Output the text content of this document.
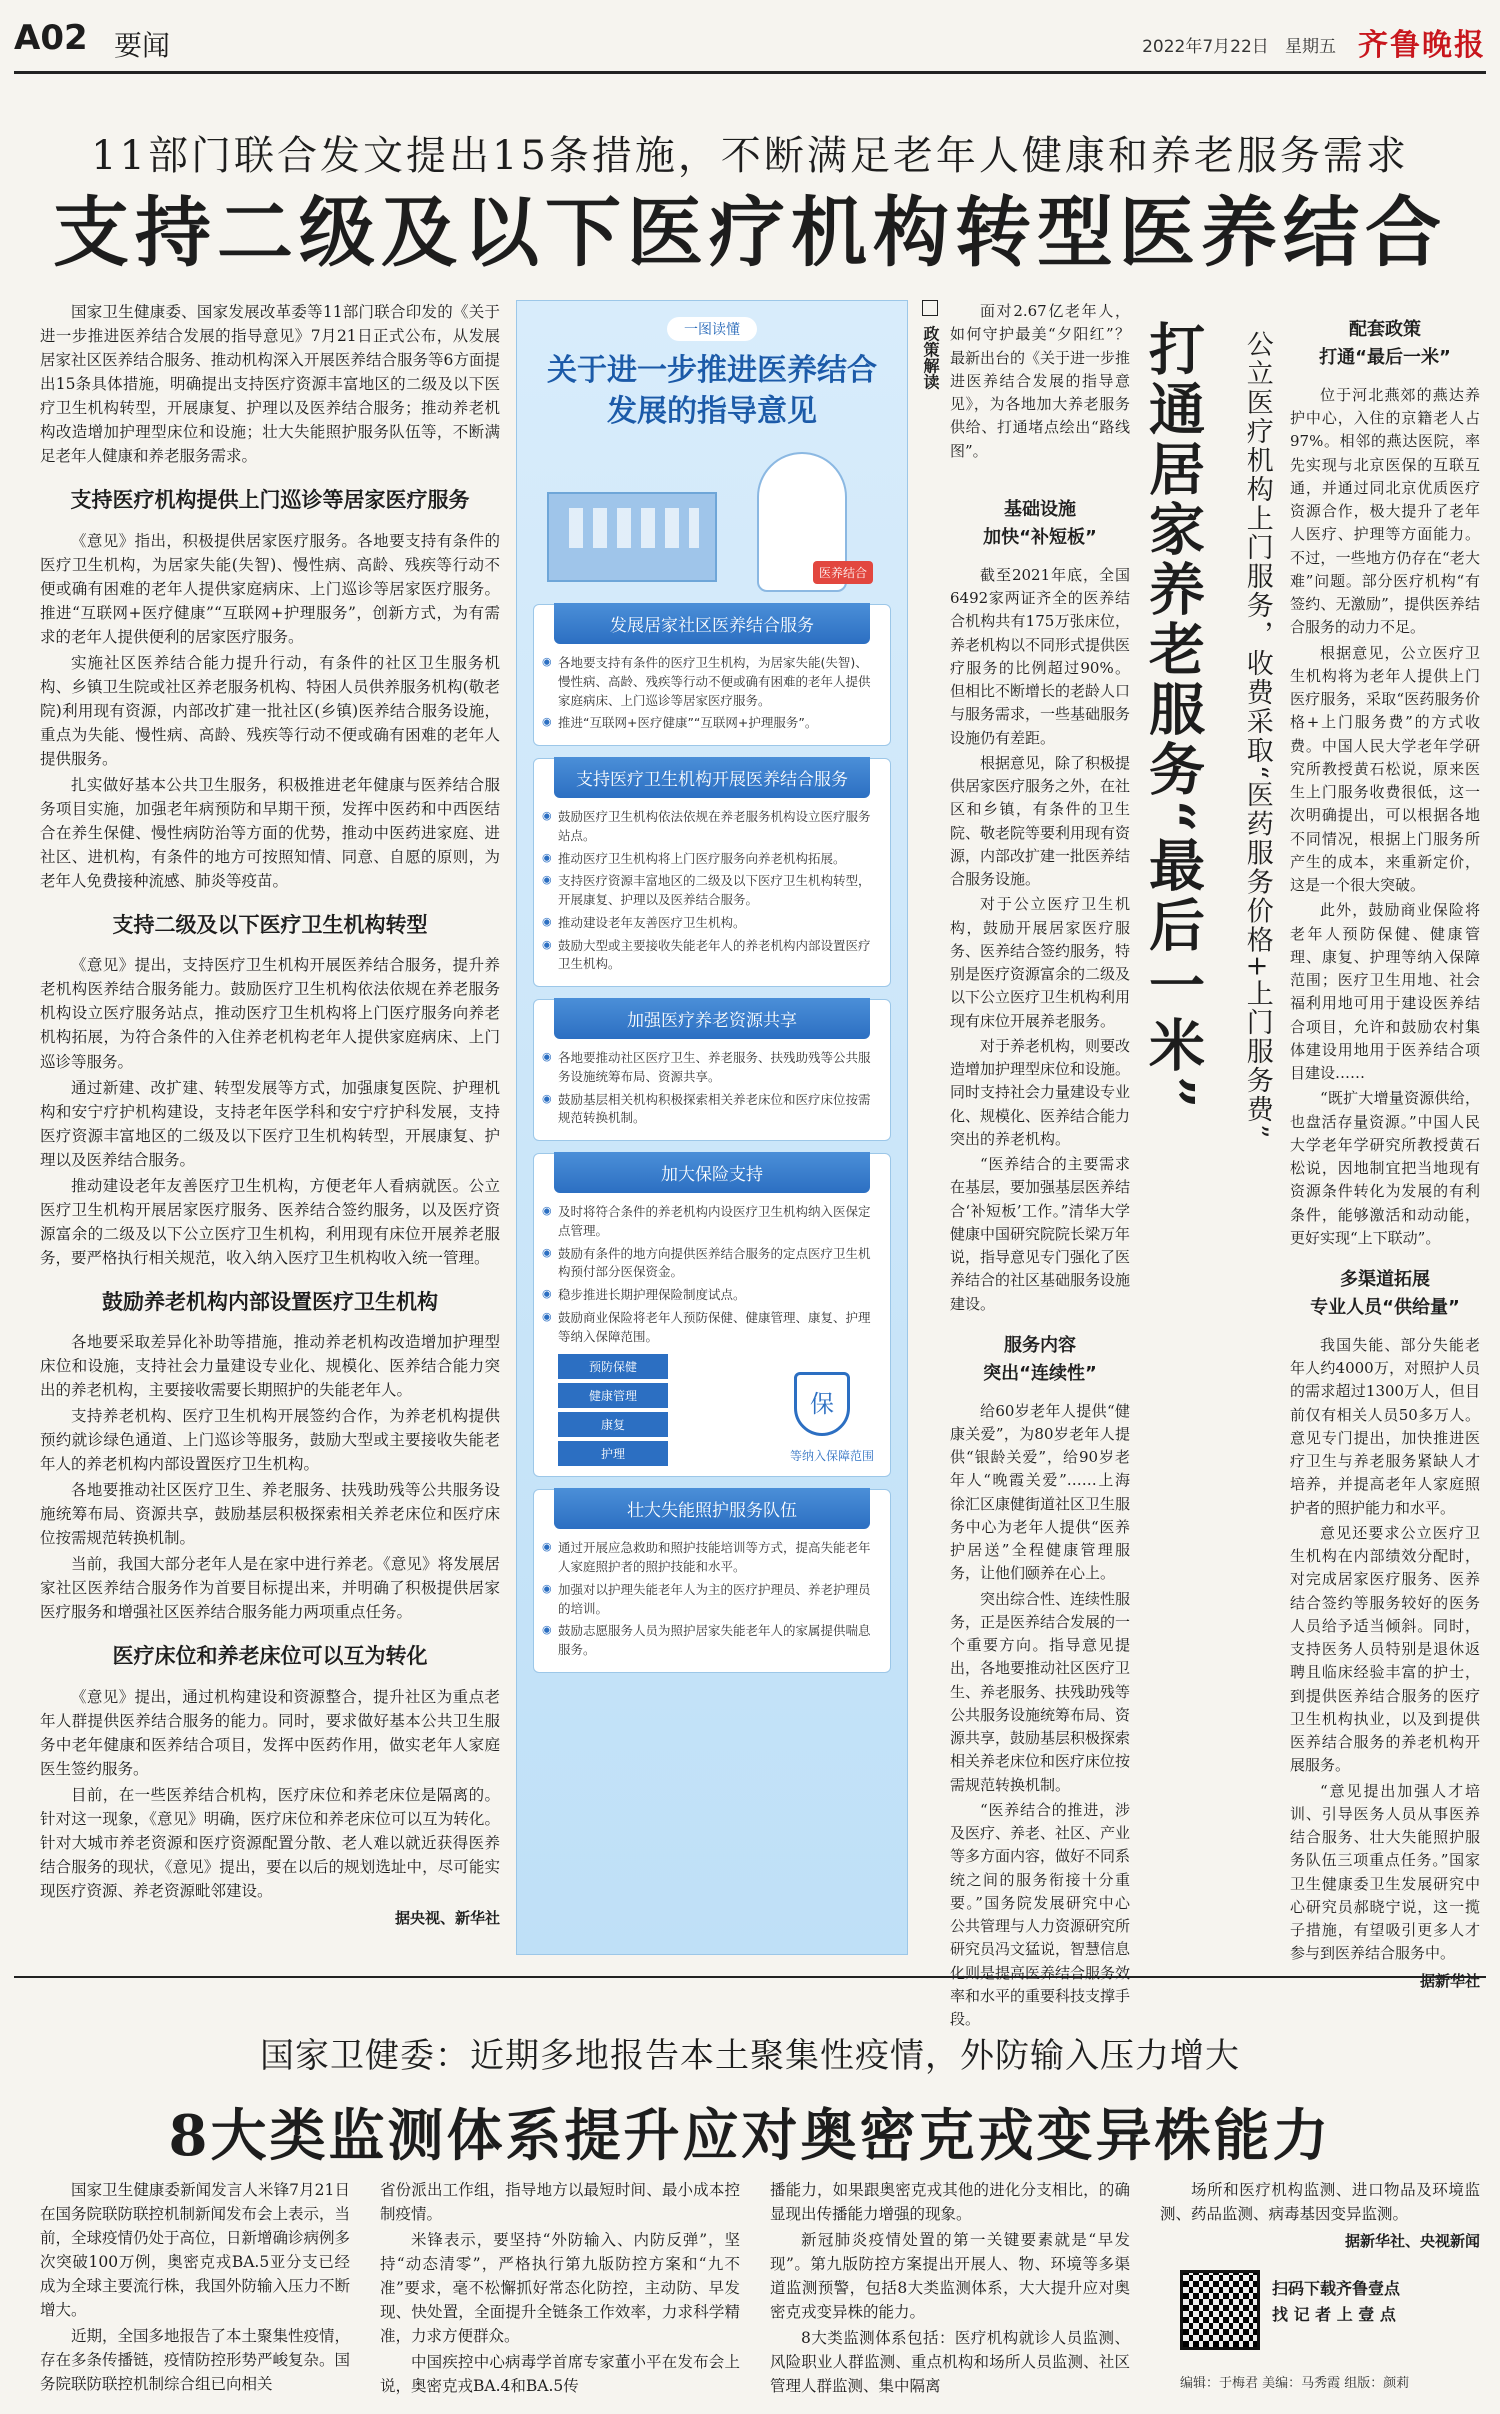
A02 要闻	2022年7月22日 星期五 齐鲁晚报
11部门联合发文提出15条措施，不断满足老年人健康和养老服务需求
支持二级及以下医疗机构转型医养结合

国家卫生健康委、国家发展改革委等11部门联合印发的《关于进一步推进医养结合发展的指导意见》7月21日正式公布，从发展居家社区医养结合服务、推动机构深入开展医养结合服务等6方面提出15条具体措施，明确提出支持医疗资源丰富地区的二级及以下医疗卫生机构转型，开展康复、护理以及医养结合服务；推动养老机构改造增加护理型床位和设施；壮大失能照护服务队伍等，不断满足老年人健康和养老服务需求。

支持医疗机构提供上门巡诊等居家医疗服务

《意见》指出，积极提供居家医疗服务。各地要支持有条件的医疗卫生机构，为居家失能(失智)、慢性病、高龄、残疾等行动不便或确有困难的老年人提供家庭病床、上门巡诊等居家医疗服务。推进“互联网+医疗健康”“互联网+护理服务”，创新方式，为有需求的老年人提供便利的居家医疗服务。

实施社区医养结合能力提升行动，有条件的社区卫生服务机构、乡镇卫生院或社区养老服务机构、特困人员供养服务机构(敬老院)利用现有资源，内部改扩建一批社区(乡镇)医养结合服务设施，重点为失能、慢性病、高龄、残疾等行动不便或确有困难的老年人提供服务。

扎实做好基本公共卫生服务，积极推进老年健康与医养结合服务项目实施，加强老年病预防和早期干预，发挥中医药和中西医结合在养生保健、慢性病防治等方面的优势，推动中医药进家庭、进社区、进机构，有条件的地方可按照知情、同意、自愿的原则，为老年人免费接种流感、肺炎等疫苗。

支持二级及以下医疗卫生机构转型

《意见》提出，支持医疗卫生机构开展医养结合服务，提升养老机构医养结合服务能力。鼓励医疗卫生机构依法依规在养老服务机构设立医疗服务站点，推动医疗卫生机构将上门医疗服务向养老机构拓展，为符合条件的入住养老机构老年人提供家庭病床、上门巡诊等服务。

通过新建、改扩建、转型发展等方式，加强康复医院、护理机构和安宁疗护机构建设，支持老年医学科和安宁疗护科发展，支持医疗资源丰富地区的二级及以下医疗卫生机构转型，开展康复、护理以及医养结合服务。

推动建设老年友善医疗卫生机构，方便老年人看病就医。公立医疗卫生机构开展居家医疗服务、医养结合签约服务，以及医疗资源富余的二级及以下公立医疗卫生机构，利用现有床位开展养老服务，要严格执行相关规范，收入纳入医疗卫生机构收入统一管理。

鼓励养老机构内部设置医疗卫生机构

各地要采取差异化补助等措施，推动养老机构改造增加护理型床位和设施，支持社会力量建设专业化、规模化、医养结合能力突出的养老机构，主要接收需要长期照护的失能老年人。

支持养老机构、医疗卫生机构开展签约合作，为养老机构提供预约就诊绿色通道、上门巡诊等服务，鼓励大型或主要接收失能老年人的养老机构内部设置医疗卫生机构。

各地要推动社区医疗卫生、养老服务、扶残助残等公共服务设施统筹布局、资源共享，鼓励基层积极探索相关养老床位和医疗床位按需规范转换机制。

当前，我国大部分老年人是在家中进行养老。《意见》将发展居家社区医养结合服务作为首要目标提出来，并明确了积极提供居家医疗服务和增强社区医养结合服务能力两项重点任务。

医疗床位和养老床位可以互为转化

《意见》提出，通过机构建设和资源整合，提升社区为重点老年人群提供医养结合服务的能力。同时，要求做好基本公共卫生服务中老年健康和医养结合项目，发挥中医药作用，做实老年人家庭医生签约服务。

目前，在一些医养结合机构，医疗床位和养老床位是隔离的。针对这一现象，《意见》明确，医疗床位和养老床位可以互为转化。针对大城市养老资源和医疗资源配置分散、老人难以就近获得医养结合服务的现状，《意见》提出，要在以后的规划选址中，尽可能实现医疗资源、养老资源毗邻建设。

据央视、新华社
一图读懂
关于进一步推进医养结合
发展的指导意见
医养结合
发展居家社区医养结合服务
◉ 各地要支持有条件的医疗卫生机构，为居家失能(失智)、慢性病、高龄、残疾等行动不便或确有困难的老年人提供家庭病床、上门巡诊等居家医疗服务。
◉ 推进“互联网+医疗健康”“互联网+护理服务”。
支持医疗卫生机构开展医养结合服务
◉ 鼓励医疗卫生机构依法依规在养老服务机构设立医疗服务站点。
◉ 推动医疗卫生机构将上门医疗服务向养老机构拓展。
◉ 支持医疗资源丰富地区的二级及以下医疗卫生机构转型，开展康复、护理以及医养结合服务。
◉ 推动建设老年友善医疗卫生机构。
◉ 鼓励大型或主要接收失能老年人的养老机构内部设置医疗卫生机构。
加强医疗养老资源共享
◉ 各地要推动社区医疗卫生、养老服务、扶残助残等公共服务设施统筹布局、资源共享。
◉ 鼓励基层相关机构积极探索相关养老床位和医疗床位按需规范转换机制。
加大保险支持
◉ 及时将符合条件的养老机构内设医疗卫生机构纳入医保定点管理。
◉ 鼓励有条件的地方向提供医养结合服务的定点医疗卫生机构预付部分医保资金。
◉ 稳步推进长期护理保险制度试点。
◉ 鼓励商业保险将老年人预防保健、健康管理、康复、护理等纳入保障范围。
预防保健
健康管理
康复
护理
保
等纳入保障范围
壮大失能照护服务队伍
◉ 通过开展应急救助和照护技能培训等方式，提高失能老年人家庭照护者的照护技能和水平。
◉ 加强对以护理失能老年人为主的医疗护理员、养老护理员的培训。
◉ 鼓励志愿服务人员为照护居家失能老年人的家属提供喘息服务。
政策解读

面对2.67亿老年人，如何守护最美“夕阳红”？最新出台的《关于进一步推进医养结合发展的指导意见》，为各地加大养老服务供给、打通堵点绘出“路线图”。

基础设施
加快“补短板”

截至2021年底，全国6492家两证齐全的医养结合机构共有175万张床位，养老机构以不同形式提供医疗服务的比例超过90%。但相比不断增长的老龄人口与服务需求，一些基础服务设施仍有差距。

根据意见，除了积极提供居家医疗服务之外，在社区和乡镇，有条件的卫生院、敬老院等要利用现有资源，内部改扩建一批医养结合服务设施。

对于公立医疗卫生机构，鼓励开展居家医疗服务、医养结合签约服务，特别是医疗资源富余的二级及以下公立医疗卫生机构利用现有床位开展养老服务。

对于养老机构，则要改造增加护理型床位和设施。同时支持社会力量建设专业化、规模化、医养结合能力突出的养老机构。

“医养结合的主要需求在基层，要加强基层医养结合‘补短板’工作。”清华大学健康中国研究院院长梁万年说，指导意见专门强化了医养结合的社区基础服务设施建设。

服务内容
突出“连续性”

给60岁老年人提供“健康关爱”，为80岁老年人提供“银龄关爱”，给90岁老年人“晚霞关爱”……上海徐汇区康健街道社区卫生服务中心为老年人提供“医养护居送”全程健康管理服务，让他们颐养在心上。

突出综合性、连续性服务，正是医养结合发展的一个重要方向。指导意见提出，各地要推动社区医疗卫生、养老服务、扶残助残等公共服务设施统筹布局、资源共享，鼓励基层积极探索相关养老床位和医疗床位按需规范转换机制。

“医养结合的推进，涉及医疗、养老、社区、产业等多方面内容，做好不同系统之间的服务衔接十分重要。”国务院发展研究中心公共管理与人力资源研究所研究员冯文猛说，智慧信息化则是提高医养结合服务效率和水平的重要科技支撑手段。

打通居家养老服务“最后一米” 公立医疗机构上门服务，收费采取“医药服务价格+上门服务费”
配套政策
打通“最后一米”

位于河北燕郊的燕达养护中心，入住的京籍老人占97%。相邻的燕达医院，率先实现与北京医保的互联互通，并通过同北京优质医疗资源合作，极大提升了老年人医疗、护理等方面能力。不过，一些地方仍存在“老大难”问题。部分医疗机构“有签约、无激励”，提供医养结合服务的动力不足。

根据意见，公立医疗卫生机构将为老年人提供上门医疗服务，采取“医药服务价格+上门服务费”的方式收费。中国人民大学老年学研究所教授黄石松说，原来医生上门服务收费很低，这一次明确提出，可以根据各地不同情况，根据上门服务所产生的成本，来重新定价，这是一个很大突破。

此外，鼓励商业保险将老年人预防保健、健康管理、康复、护理等纳入保障范围；医疗卫生用地、社会福利用地可用于建设医养结合项目，允许和鼓励农村集体建设用地用于医养结合项目建设……

“既扩大增量资源供给，也盘活存量资源。”中国人民大学老年学研究所教授黄石松说，因地制宜把当地现有资源条件转化为发展的有利条件，能够激活和动动能，更好实现“上下联动”。

多渠道拓展
专业人员“供给量”

我国失能、部分失能老年人约4000万，对照护人员的需求超过1300万人，但目前仅有相关人员50多万人。意见专门提出，加快推进医疗卫生与养老服务紧缺人才培养，并提高老年人家庭照护者的照护能力和水平。

意见还要求公立医疗卫生机构在内部绩效分配时，对完成居家医疗服务、医养结合签约等服务较好的医务人员给予适当倾斜。同时，支持医务人员特别是退休返聘且临床经验丰富的护士，到提供医养结合服务的医疗卫生机构执业，以及到提供医养结合服务的养老机构开展服务。

“意见提出加强人才培训、引导医务人员从事医养结合服务、壮大失能照护服务队伍三项重点任务。”国家卫生健康委卫生发展研究中心研究员郝晓宁说，这一揽子措施，有望吸引更多人才参与到医养结合服务中。

据新华社
国家卫健委：近期多地报告本土聚集性疫情，外防输入压力增大
8大类监测体系提升应对奥密克戎变异株能力

国家卫生健康委新闻发言人米锋7月21日在国务院联防联控机制新闻发布会上表示，当前，全球疫情仍处于高位，日新增确诊病例多次突破100万例，奥密克戎BA.5亚分支已经成为全球主要流行株，我国外防输入压力不断增大。

近期，全国多地报告了本土聚集性疫情，存在多条传播链，疫情防控形势严峻复杂。国务院联防联控机制综合组已向相关

省份派出工作组，指导地方以最短时间、最小成本控制疫情。

米锋表示，要坚持“外防输入、内防反弹”，坚持“动态清零”，严格执行第九版防控方案和“九不准”要求，毫不松懈抓好常态化防控，主动防、早发现、快处置，全面提升全链条工作效率，力求科学精准，力求方便群众。

中国疾控中心病毒学首席专家董小平在发布会上说，奥密克戎BA.4和BA.5传

播能力，如果跟奥密克戎其他的进化分支相比，的确显现出传播能力增强的现象。

新冠肺炎疫情处置的第一关键要素就是“早发现”。第九版防控方案提出开展人、物、环境等多渠道监测预警，包括8大类监测体系，大大提升应对奥密克戎变异株的能力。

8大类监测体系包括：医疗机构就诊人员监测、风险职业人群监测、重点机构和场所人员监测、社区管理人群监测、集中隔离

场所和医疗机构监测、进口物品及环境监测、药品监测、病毒基因变异监测。

据新华社、央视新闻
扫码下载齐鲁壹点
找 记 者 上 壹 点
编辑：于梅君 美编：马秀霞 组版：颜莉
